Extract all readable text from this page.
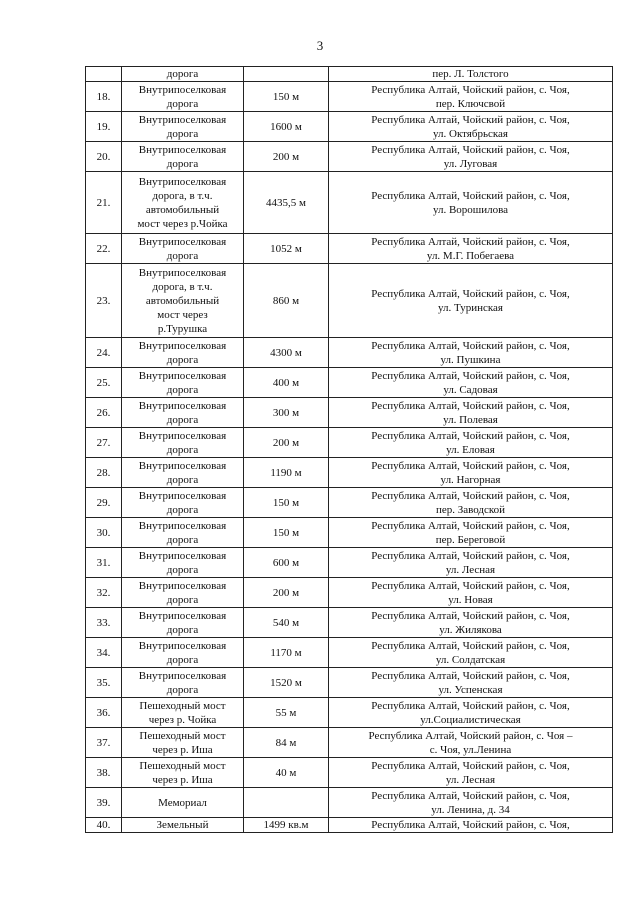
3

	дорога		пер. Л. Толстого

18.	Внутрипоселковая
дорога	150 м	Республика Алтай, Чойский район, с. Чоя,
пер. Ключсвой

19.	Внутрипоселковая
дорога	1600 м	Республика Алтай, Чойский район, с. Чоя,
ул. Октябрьская

20.	Внутрипоселковая
дорога	200 м	Республика Алтай, Чойский район, с. Чоя,
ул. Луговая

21.	Внутрипоселковая
дорога, в т.ч.
автомобильный
мост через р.Чойка	4435,5 м	Республика Алтай, Чойский район, с. Чоя,
ул. Ворошилова

22.	Внутрипоселковая
дорога	1052 м	Республика Алтай, Чойский район, с. Чоя,
ул. М.Г. Побегаева

23.	Внутрипоселковая
дорога, в т.ч.
автомобильный
мост через
р.Турушка	860 м	Республика Алтай, Чойский район, с. Чоя,
ул. Туринская

24.	Внутрипоселковая
дорога	4300 м	Республика Алтай, Чойский район, с. Чоя,
ул. Пушкина

25.	Внутрипоселковая
дорога	400 м	Республика Алтай, Чойский район, с. Чоя,
ул. Садовая

26.	Внутрипоселковая
дорога	300 м	Республика Алтай, Чойский район, с. Чоя,
ул. Полевая

27.	Внутрипоселковая
дорога	200 м	Республика Алтай, Чойский район, с. Чоя,
ул. Еловая

28.	Внутрипоселковая
дорога	1190 м	Республика Алтай, Чойский район, с. Чоя,
ул. Нагорная

29.	Внутрипоселковая
дорога	150 м	Республика Алтай, Чойский район, с. Чоя,
пер. Заводской

30.	Внутрипоселковая
дорога	150 м	Республика Алтай, Чойский район, с. Чоя,
пер. Береговой

31.	Внутрипоселковая
дорога	600 м	Республика Алтай, Чойский район, с. Чоя,
ул. Лесная

32.	Внутрипоселковая
дорога	200 м	Республика Алтай, Чойский район, с. Чоя,
ул. Новая

33.	Внутрипоселковая
дорога	540 м	Республика Алтай, Чойский район, с. Чоя,
ул. Жилякова

34.	Внутрипоселковая
дорога	1170 м	Республика Алтай, Чойский район, с. Чоя,
ул. Солдатская

35.	Внутрипоселковая
дорога	1520 м	Республика Алтай, Чойский район, с. Чоя,
ул. Успенская

36.	Пешеходный мост
через р. Чойка	55 м	Республика Алтай, Чойский район, с. Чоя,
ул.Социалистическая

37.	Пешеходный мост
через р. Иша	84 м	Республика Алтай, Чойский район, с. Чоя –
с. Чоя, ул.Ленина

38.	Пешеходный мост
через р. Иша	40 м	Республика Алтай, Чойский район, с. Чоя,
ул. Лесная

39.	Мемориал		Республика Алтай, Чойский район, с. Чоя,
ул. Ленина, д. 34

40.	Земельный	1499 кв.м	Республика Алтай, Чойский район, с. Чоя,
